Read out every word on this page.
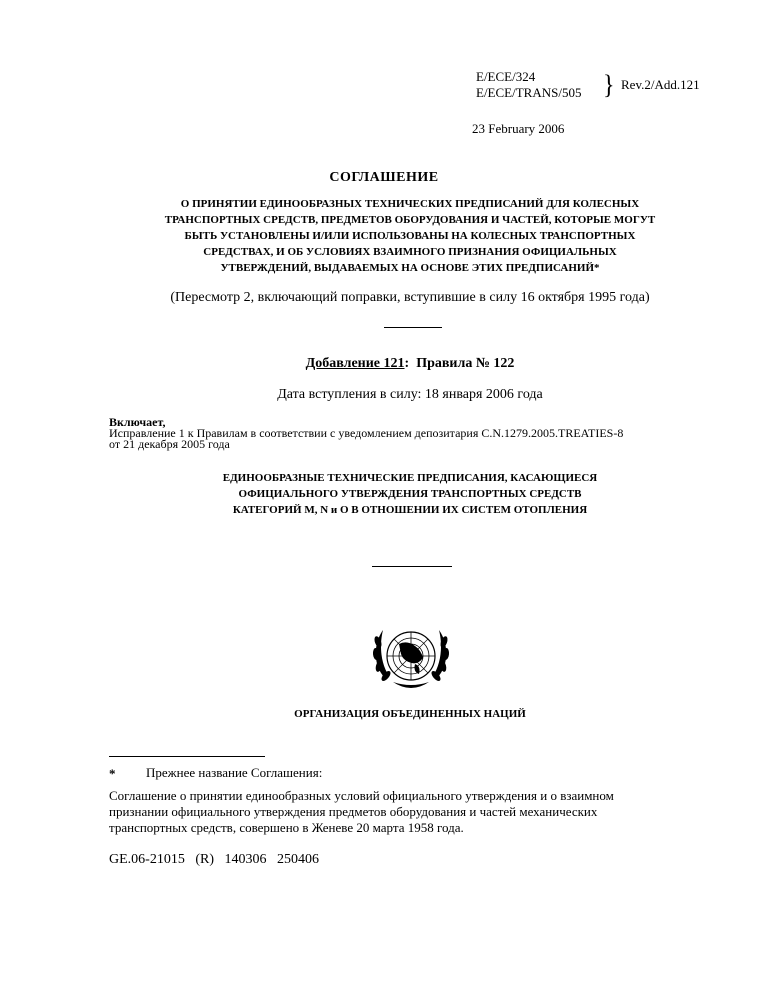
E/ECE/324
E/ECE/TRANS/505 } Rev.2/Add.121
23 February 2006
СОГЛАШЕНИЕ
О ПРИНЯТИИ ЕДИНООБРАЗНЫХ ТЕХНИЧЕСКИХ ПРЕДПИСАНИЙ ДЛЯ КОЛЕСНЫХ
ТРАНСПОРТНЫХ СРЕДСТВ, ПРЕДМЕТОВ ОБОРУДОВАНИЯ И ЧАСТЕЙ, КОТОРЫЕ МОГУТ
БЫТЬ УСТАНОВЛЕНЫ И/ИЛИ ИСПОЛЬЗОВАНЫ НА КОЛЕСНЫХ ТРАНСПОРТНЫХ
СРЕДСТВАХ, И ОБ УСЛОВИЯХ ВЗАИМНОГО ПРИЗНАНИЯ ОФИЦИАЛЬНЫХ
УТВЕРЖДЕНИЙ, ВЫДАВАЕМЫХ НА ОСНОВЕ ЭТИХ ПРЕДПИСАНИЙ*
(Пересмотр 2, включающий поправки, вступившие в силу 16 октября 1995 года)
Добавление 121:  Правила № 122
Дата вступления в силу: 18 января 2006 года
Включает,
Исправление 1 к Правилам в соответствии с уведомлением депозитария C.N.1279.2005.TREATIES-8
от 21 декабря 2005 года
ЕДИНООБРАЗНЫЕ ТЕХНИЧЕСКИЕ ПРЕДПИСАНИЯ, КАСАЮЩИЕСЯ
ОФИЦИАЛЬНОГО УТВЕРЖДЕНИЯ ТРАНСПОРТНЫХ СРЕДСТВ
КАТЕГОРИЙ M, N и O В ОТНОШЕНИИ ИХ СИСТЕМ ОТОПЛЕНИЯ
ОРГАНИЗАЦИЯ ОБЪЕДИНЕННЫХ НАЦИЙ
* Прежнее название Соглашения:
Соглашение о принятии единообразных условий официального утверждения и о взаимном
признании официального утверждения предметов оборудования и частей механических
транспортных средств, совершено в Женеве 20 марта 1958 года.
GE.06-21015   (R)   140306   250406
